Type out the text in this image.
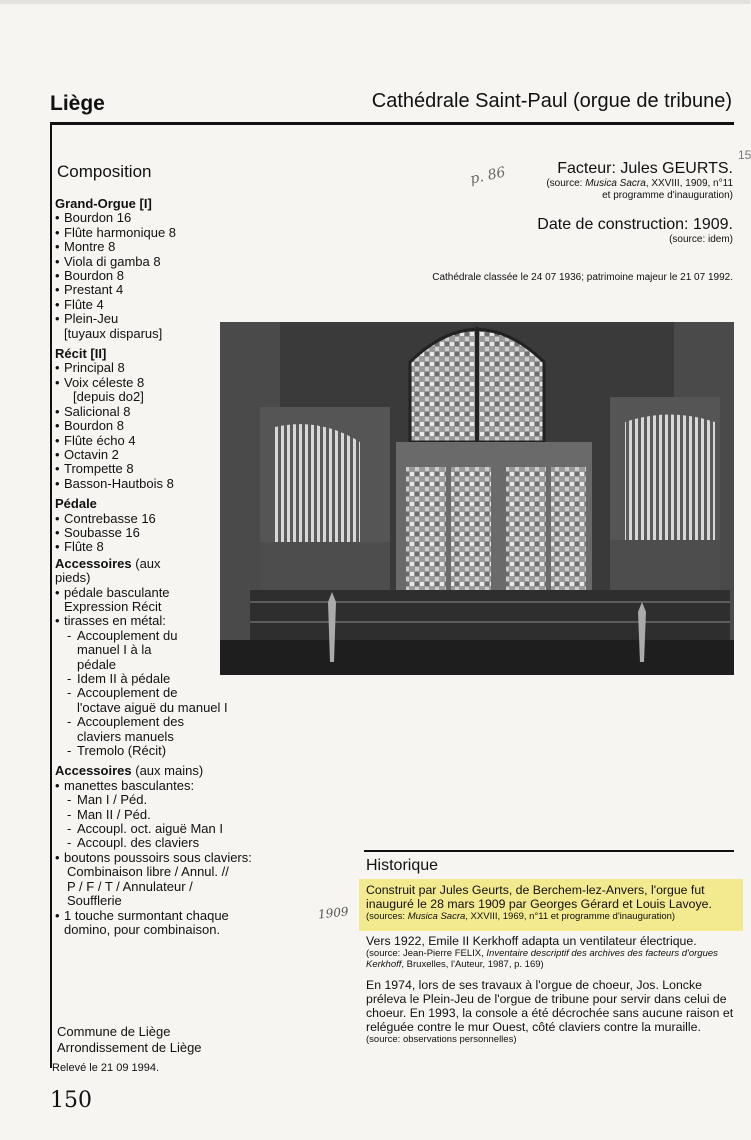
Liège	Cathédrale Saint-Paul (orgue de tribune)
Composition
Grand-Orgue [I]
• Bourdon 16
• Flûte harmonique 8
• Montre 8
• Viola di gamba 8
• Bourdon 8
• Prestant 4
• Flûte 4
• Plein-Jeu
[tuyaux disparus]
Récit [II]
• Principal 8
• Voix céleste 8
[depuis do2]
• Salicional 8
• Bourdon 8
• Flûte écho 4
• Octavin 2
• Trompette 8
• Basson-Hautbois 8
Pédale
• Contrebasse 16
• Soubasse 16
• Flûte 8
Accessoires (aux
pieds)
• pédale basculante
Expression Récit
• tirasses en métal:
- Accouplement du
manuel I à la
pédale
- Idem II à pédale
- Accouplement de
l'octave aiguë du manuel I
- Accouplement des
claviers manuels
- Tremolo (Récit)
Accessoires (aux mains)
• manettes basculantes:
- Man I / Péd.
- Man II / Péd.
- Accoupl. oct. aiguë Man I
- Accoupl. des claviers
• boutons poussoirs sous claviers:
Combinaison libre / Annul. //
P / F / T / Annulateur /
Soufflerie
• 1 touche surmontant chaque
domino, pour combinaison.
Facteur: Jules GEURTS.
(source: Musica Sacra, XXVIII, 1909, n°11
et programme d'inauguration)
Date de construction: 1909.
(source: idem)
Cathédrale classée le 24 07 1936; patrimoine majeur le 21 07 1992.
p. 86
15
Historique
Construit par Jules Geurts, de Berchem-lez-Anvers, l'orgue fut inauguré le 28 mars 1909 par Georges Gérard et Louis Lavoye.
(sources: Musica Sacra, XXVIII, 1969, n°11 et programme d'inauguration)
1909
Vers 1922, Emile II Kerkhoff adapta un ventilateur électrique.
(source: Jean-Pierre FELIX, Inventaire descriptif des archives des facteurs d'orgues Kerkhoff, Bruxelles, l'Auteur, 1987, p. 169)
En 1974, lors de ses travaux à l'orgue de choeur, Jos. Loncke préleva le Plein-Jeu de l'orgue de tribune pour servir dans celui de choeur. En 1993, la console a été décrochée sans aucune raison et reléguée contre le mur Ouest, côté claviers contre la muraille.
(source: observations personnelles)
Commune de Liège
Arrondissement de Liège
Relevé le 21 09 1994.
150
